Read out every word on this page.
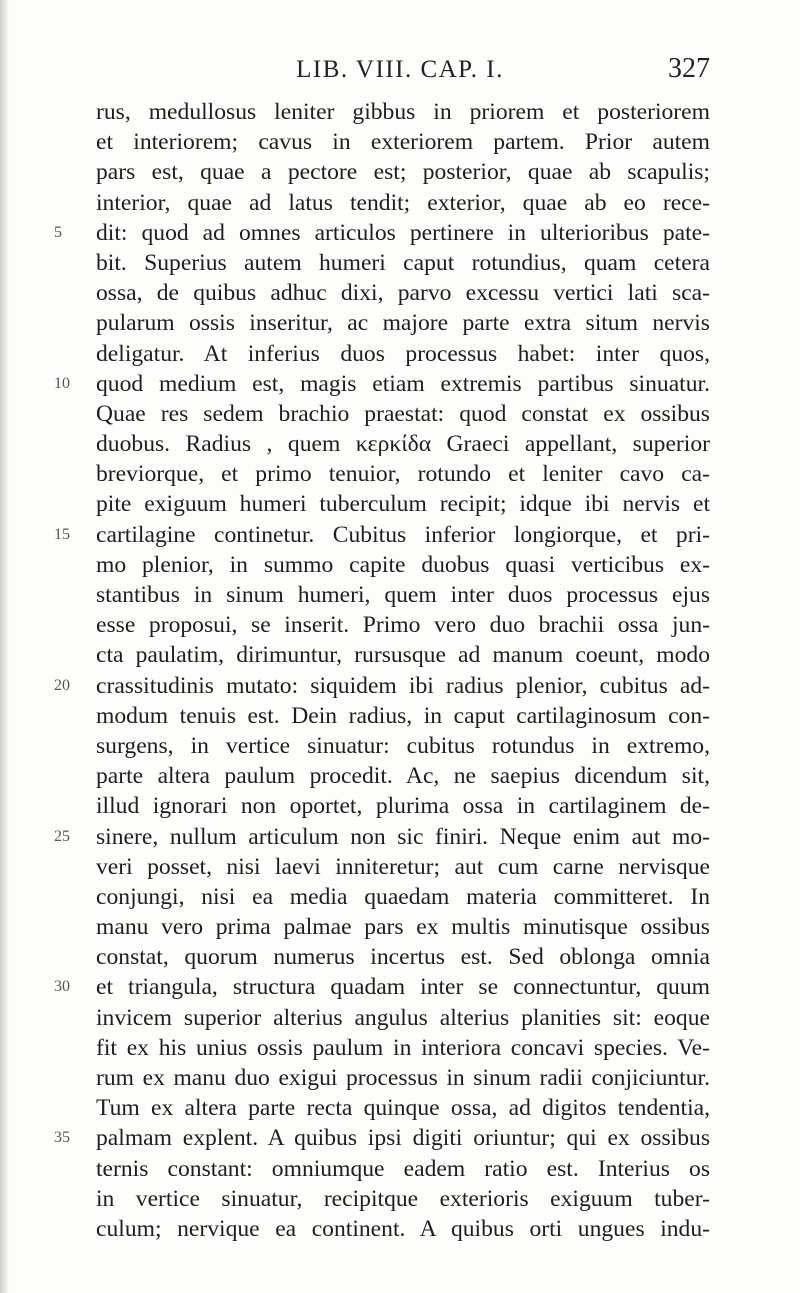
LIB. VIII. CAP. I.	327
rus, medullosus leniter gibbus in priorem et posteriorem
et interiorem; cavus in exteriorem partem. Prior autem
pars est, quae a pectore est; posterior, quae ab scapulis;
interior, quae ad latus tendit; exterior, quae ab eo rece-
5	dit: quod ad omnes articulos pertinere in ulterioribus pate-
bit. Superius autem humeri caput rotundius, quam cetera
ossa, de quibus adhuc dixi, parvo excessu vertici lati sca-
pularum ossis inseritur, ac majore parte extra situm nervis
deligatur. At inferius duos processus habet: inter quos,
10	quod medium est, magis etiam extremis partibus sinuatur.
Quae res sedem brachio praestat: quod constat ex ossibus
duobus. Radius , quem κερκίδα Graeci appellant, superior
breviorque, et primo tenuior, rotundo et leniter cavo ca-
pite exiguum humeri tuberculum recipit; idque ibi nervis et
15	cartilagine continetur. Cubitus inferior longiorque, et pri-
mo plenior, in summo capite duobus quasi verticibus ex-
stantibus in sinum humeri, quem inter duos processus ejus
esse proposui, se inserit. Primo vero duo brachii ossa jun-
cta paulatim, dirimuntur, rursusque ad manum coeunt, modo
20	crassitudinis mutato: siquidem ibi radius plenior, cubitus ad-
modum tenuis est. Dein radius, in caput cartilaginosum con-
surgens, in vertice sinuatur: cubitus rotundus in extremo,
parte altera paulum procedit. Ac, ne saepius dicendum sit,
illud ignorari non oportet, plurima ossa in cartilaginem de-
25	sinere, nullum articulum non sic finiri. Neque enim aut mo-
veri posset, nisi laevi inniteretur; aut cum carne nervisque
conjungi, nisi ea media quaedam materia committeret. In
manu vero prima palmae pars ex multis minutisque ossibus
constat, quorum numerus incertus est. Sed oblonga omnia
30	et triangula, structura quadam inter se connectuntur, quum
invicem superior alterius angulus alterius planities sit: eoque
fit ex his unius ossis paulum in interiora concavi species. Ve-
rum ex manu duo exigui processus in sinum radii conjiciuntur.
Tum ex altera parte recta quinque ossa, ad digitos tendentia,
35	palmam explent. A quibus ipsi digiti oriuntur; qui ex ossibus
ternis constant: omniumque eadem ratio est. Interius os
in vertice sinuatur, recipitque exterioris exiguum tuber-
culum; nervique ea continent. A quibus orti ungues indu-
